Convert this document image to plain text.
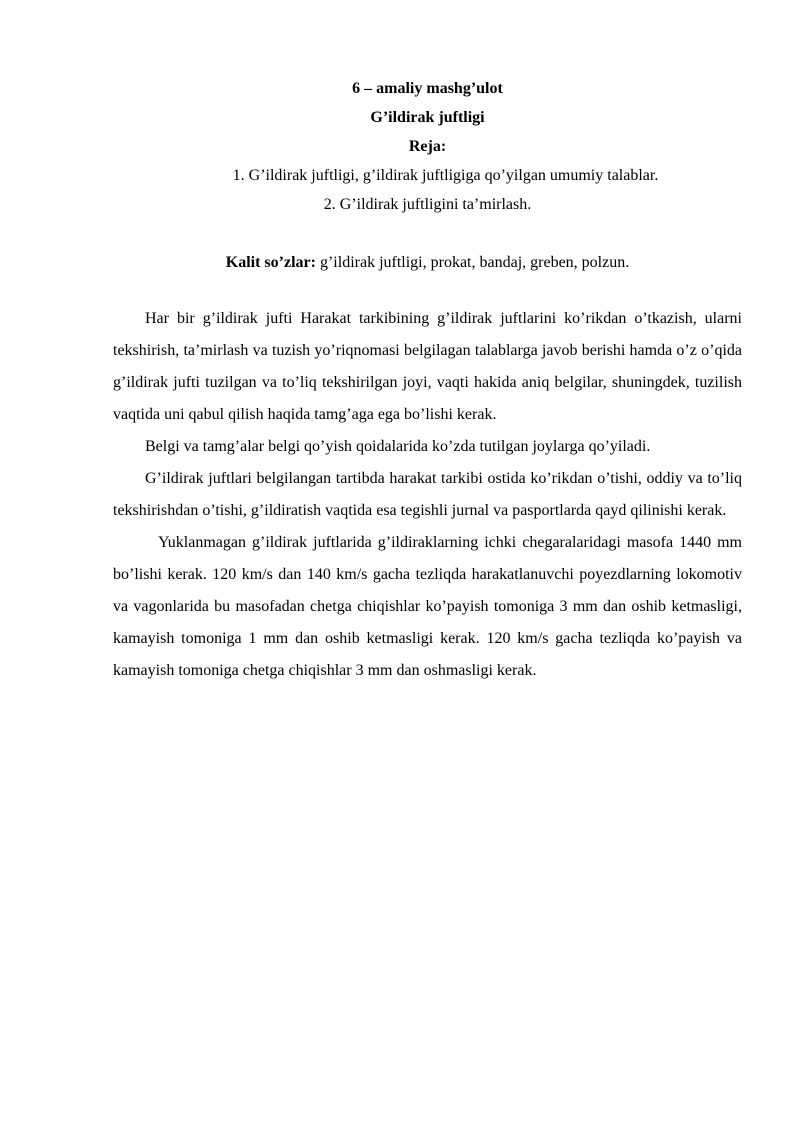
6 – amaliy mashg’ulot
G’ildirak juftligi
Reja:
1. G’ildirak juftligi, g’ildirak juftligiga qo’yilgan umumiy talablar.
2. G’ildirak juftligini ta’mirlash.
Kalit so’zlar: g’ildirak juftligi, prokat, bandaj, greben, polzun.

Har bir g’ildirak jufti Harakat tarkibining g’ildirak juftlarini ko’rikdan o’tkazish, ularni tekshirish, ta’mirlash va tuzish yo’riqnomasi belgilagan talablarga javob berishi hamda o’z o’qida g’ildirak jufti tuzilgan va to’liq tekshirilgan joyi, vaqti hakida aniq belgilar, shuningdek, tuzilish vaqtida uni qabul qilish haqida tamg’aga ega bo’lishi kerak.

Belgi va tamg’alar belgi qo’yish qoidalarida ko’zda tutilgan joylarga qo’yiladi.

G’ildirak juftlari belgilangan tartibda harakat tarkibi ostida ko’rikdan o’tishi, oddiy va to’liq tekshirishdan o’tishi, g’ildiratish vaqtida esa tegishli jurnal va pasportlarda qayd qilinishi kerak.

Yuklanmagan g’ildirak juftlarida g’ildiraklarning ichki chegaralaridagi masofa 1440 mm bo’lishi kerak. 120 km/s dan 140 km/s gacha tezliqda harakatlanuvchi poyezdlarning lokomotiv va vagonlarida bu masofadan chetga chiqishlar ko’payish tomoniga 3 mm dan oshib ketmasligi, kamayish tomoniga 1 mm dan oshib ketmasligi kerak. 120 km/s gacha tezliqda ko’payish va kamayish tomoniga chetga chiqishlar 3 mm dan oshmasligi kerak.
